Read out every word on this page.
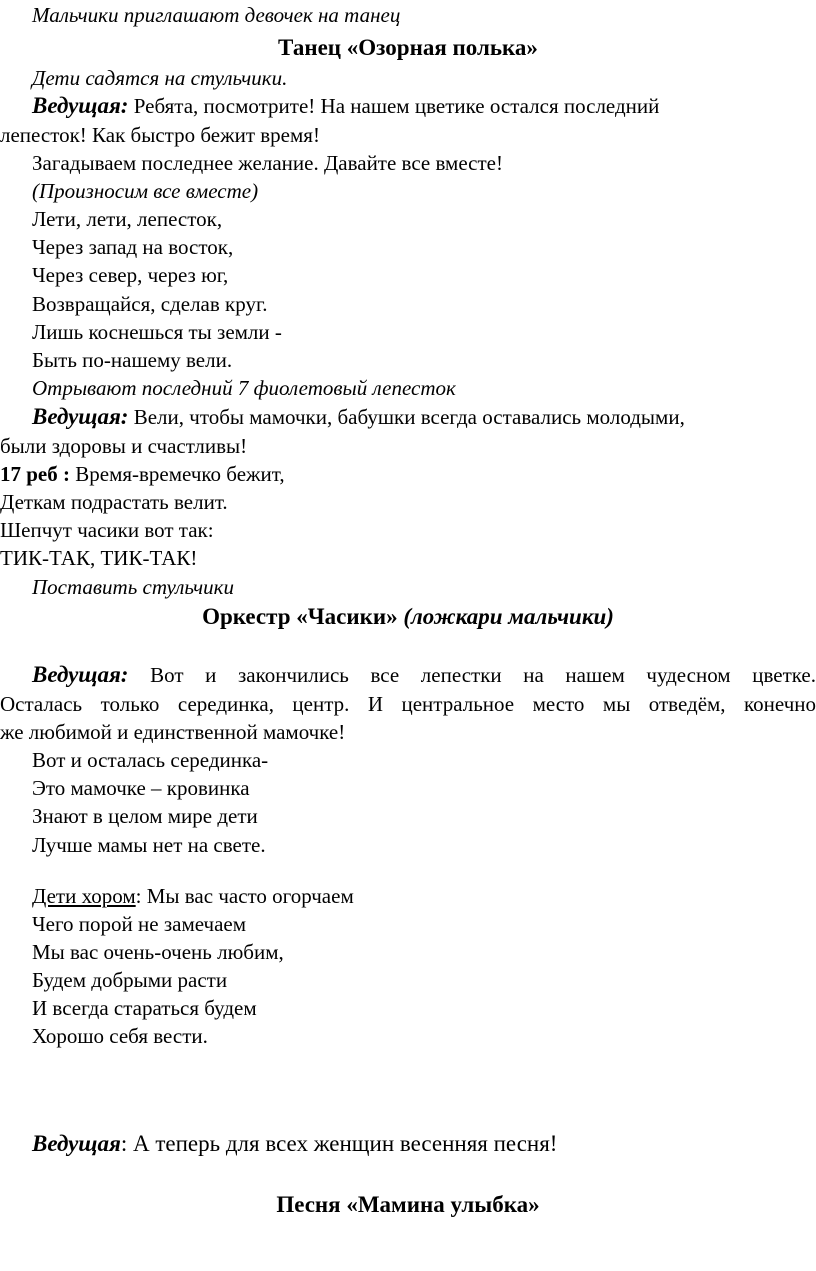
Мальчики приглашают девочек на танец
Танец «Озорная полька»
Дети садятся на стульчики.
Ведущая: Ребята, посмотрите! На нашем цветике остался последний
лепесток! Как быстро бежит время!
Загадываем последнее желание. Давайте все вместе!
(Произносим все вместе)
Лети, лети, лепесток,
Через запад на восток,
Через север, через юг,
Возвращайся, сделав круг.
Лишь коснешься ты земли -
Быть по-нашему вели.
Отрывают последний 7 фиолетовый лепесток
Ведущая: Вели, чтобы мамочки, бабушки всегда оставались молодыми,
были здоровы и счастливы!
17 реб : Время-времечко бежит,
Деткам подрастать велит.
Шепчут часики вот так:
ТИК-ТАК, ТИК-ТАК!
Поставить стульчики
Оркестр «Часики» (ложкари мальчики)
Ведущая: Вот и закончились все лепестки на нашем чудесном цветке.
Осталась только серединка, центр. И центральное место мы отведём, конечно
же любимой и единственной мамочке!
Вот и осталась серединка-
Это мамочке – кровинка
Знают в целом мире дети
Лучше мамы нет на свете.
Дети хором: Мы вас часто огорчаем
Чего порой не замечаем
Мы вас очень-очень любим,
Будем добрыми расти
И всегда стараться будем
Хорошо себя вести.
Ведущая: А теперь для всех женщин весенняя песня!
Песня «Мамина улыбка»
